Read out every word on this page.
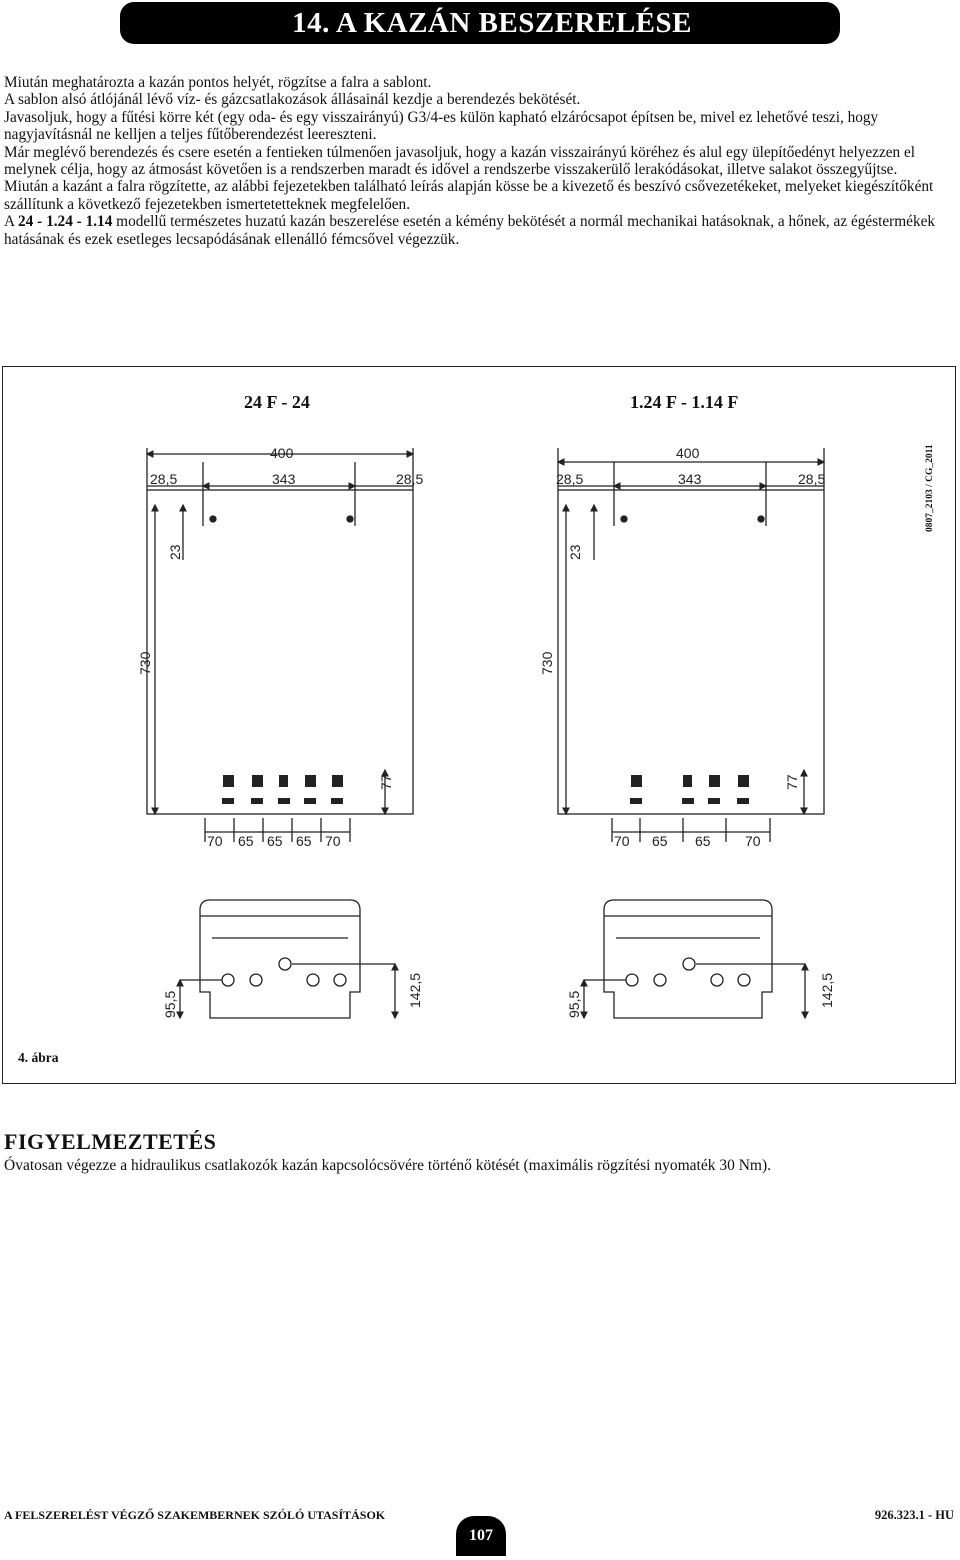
14. A KAZÁN BESZERELÉSE

Miután meghatározta a kazán pontos helyét, rögzítse a falra a sablont.

A sablon alsó átlójánál lévő víz- és gázcsatlakozások állásainál kezdje a berendezés bekötését.

Javasoljuk, hogy a fűtési körre két (egy oda- és egy visszairányú) G3/4-es külön kapható elzárócsapot építsen be, mivel ez lehetővé teszi, hogy nagyjavításnál ne kelljen a teljes fűtőberendezést leereszteni.

Már meglévő berendezés és csere esetén a fentieken túlmenően javasoljuk, hogy a kazán visszairányú köréhez és alul egy ülepítőedényt helyezzen el melynek célja, hogy az átmosást követően is a rendszerben maradt és idővel a rendszerbe visszakerülő lerakódásokat, illetve salakot összegyűjtse.

Miután a kazánt a falra rögzítette, az alábbi fejezetekben található leírás alapján kösse be a kivezető és beszívó csővezetékeket, melyeket kiegészítőként szállítunk a következő fejezetekben ismertetetteknek megfelelően.

A 24 - 1.24 - 1.14 modellű természetes huzatú kazán beszerelése esetén a kémény bekötését a normál mechanikai hatásoknak, a hőnek, az égéstermékek hatásának és ezek esetleges lecsapódásának ellenálló fémcsővel végezzük.

24 F - 24	1.24 F - 1.14 F
0807_2103 / CG_2011
400
343
28,5	28,5
23
730
77
70 65 65 65 70
400
343
28,5	28,5
23
730
77
70 65 65 70
95,5	142,5	95,5	142,5
4. ábra
FIGYELMEZTETÉS
Óvatosan végezze a hidraulikus csatlakozók kazán kapcsolócsövére történő kötését (maximális rögzítési nyomaték 30 Nm).
A FELSZERELÉST VÉGZŐ SZAKEMBERNEK SZÓLÓ UTASÍTÁSOK
107
926.323.1 - HU
